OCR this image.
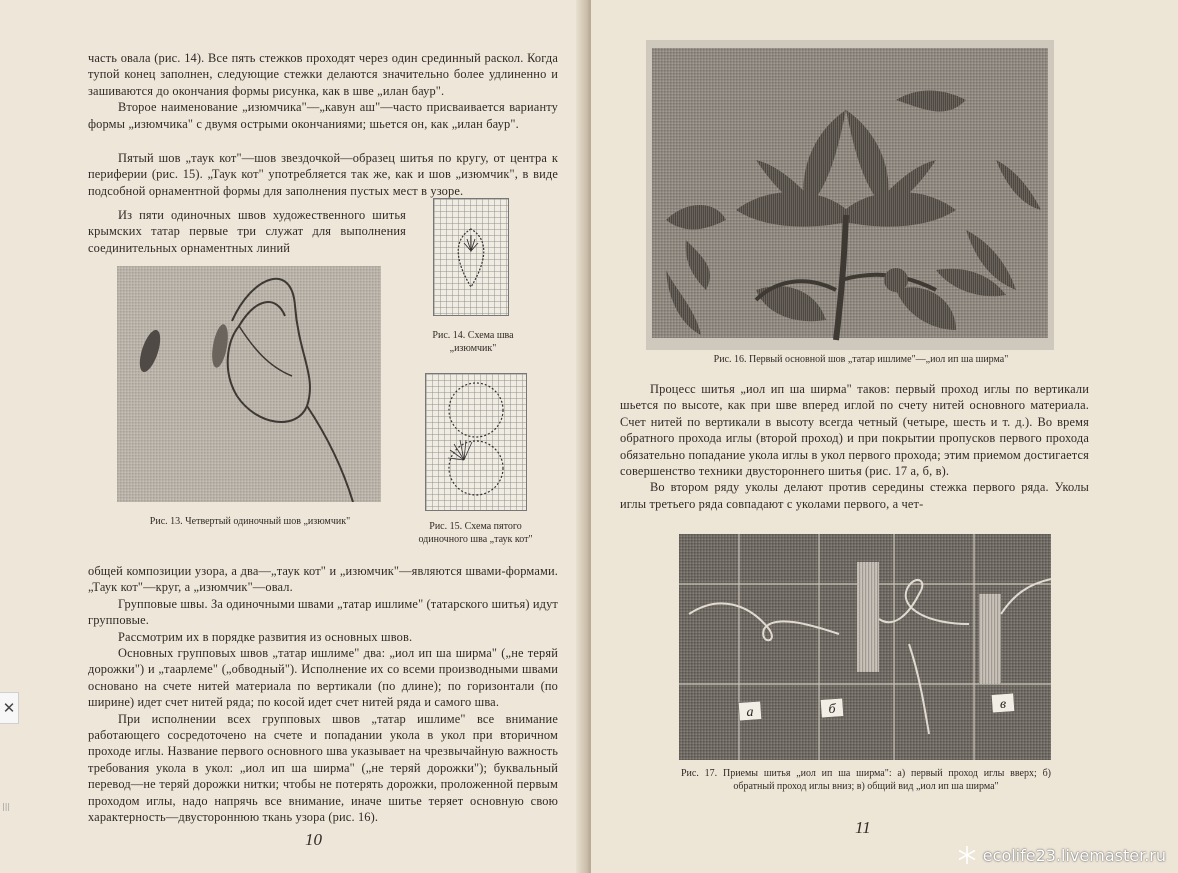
часть овала (рис. 14). Все пять стежков проходят через один срединный раскол. Когда тупой конец заполнен, следующие стежки делаются значительно более удлиненно и зашиваются до окончания формы рисунка, как в шве „илан баур".

Второе наименование „изюмчика"—„кавун аш"—часто присваивается варианту формы „изюмчика" с двумя острыми окончаниями; шьется он, как „илан баур".

Пятый шов „таук кот"—шов звездочкой—образец шитья по кругу, от центра к периферии (рис. 15). „Таук кот" употребляется так же, как и шов „изюмчик", в виде подсобной орнаментной формы для заполнения пустых мест в узоре.

Из пяти одиночных швов художественного шитья крымских татар первые три служат для выполнения соединительных орнаментных линий

Рис. 13. Четвертый одиночный шов „изюмчик"
Рис. 14. Схема шва „изюмчик"
Рис. 15. Схема пятого одиночного шва „таук кот"

общей композиции узора, а два—„таук кот" и „изюмчик"—являются швами-формами. „Таук кот"—круг, а „изюмчик"—овал.

Групповые швы. За одиночными швами „татар ишлиме" (татарского шитья) идут групповые.

Рассмотрим их в порядке развития из основных швов.

Основных групповых швов „татар ишлиме" два: „иол ип ша ширма" („не теряй дорожки") и „таарлеме" („обводный"). Исполнение их со всеми производными швами основано на счете нитей материала по вертикали (по длине); по горизонтали (по ширине) идет счет нитей ряда; по косой идет счет нитей ряда и самого шва.

При исполнении всех групповых швов „татар ишлиме" все внимание работающего сосредоточено на счете и попадании укола в укол при вторичном проходе иглы. Название первого основного шва указывает на чрезвычайную важность требования укола в укол: „иол ип ша ширма" („не теряй дорожки"); буквальный перевод—не теряй дорожки нитки; чтобы не потерять дорожки, проложенной первым проходом иглы, надо напрячь все внимание, иначе шитье теряет основную свою характерность—двустороннюю ткань узора (рис. 16).

10
Рис. 16. Первый основной шов „татар ишлиме"—„иол ип ша ширма"

Процесс шитья „иол ип ша ширма" таков: первый проход иглы по вертикали шьется по высоте, как при шве вперед иглой по счету нитей основного материала. Счет нитей по вертикали в высоту всегда четный (четыре, шесть и т. д.). Во время обратного прохода иглы (второй проход) и при покрытии пропусков первого прохода обязательно попадание укола иглы в укол первого прохода; этим приемом достигается совершенство техники двустороннего шитья (рис. 17 а, б, в).

Во втором ряду уколы делают против середины стежка первого ряда. Уколы иглы третьего ряда совпадают с уколами первого, а чет-

а	б	в
Рис. 17. Приемы шитья „иол ип ша ширма": а) первый проход иглы вверх; б) обратный проход иглы вниз; в) общий вид „иол ип ша ширма"
11
✕
|||
ecolife23.livemaster.ru
